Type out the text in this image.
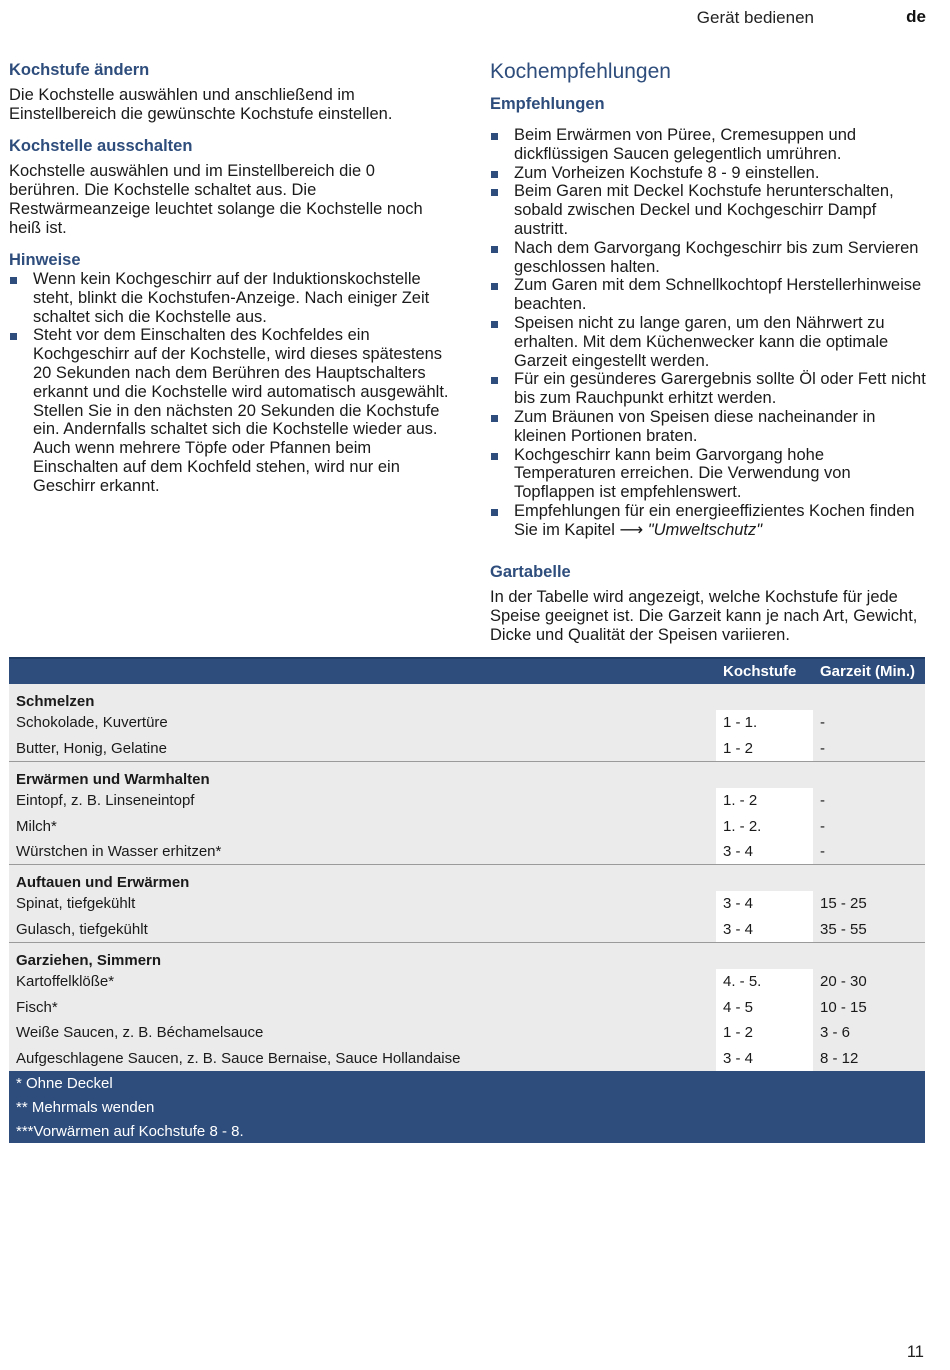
Gerät bedienen	de
Kochstufe ändern

Die Kochstelle auswählen und anschließend im Einstellbereich die gewünschte Kochstufe einstellen.

Kochstelle ausschalten

Kochstelle auswählen und im Einstellbereich die 0 berühren. Die Kochstelle schaltet aus. Die Restwärmeanzeige leuchtet solange die Kochstelle noch heiß ist.

Hinweise
Wenn kein Kochgeschirr auf der Induktionskochstelle steht, blinkt die Kochstufen-Anzeige. Nach einiger Zeit schaltet sich die Kochstelle aus.
Steht vor dem Einschalten des Kochfeldes ein Kochgeschirr auf der Kochstelle, wird dieses spätestens 20 Sekunden nach dem Berühren des Hauptschalters erkannt und die Kochstelle wird automatisch ausgewählt. Stellen Sie in den nächsten 20 Sekunden die Kochstufe ein. Andernfalls schaltet sich die Kochstelle wieder aus.
Auch wenn mehrere Töpfe oder Pfannen beim Einschalten auf dem Kochfeld stehen, wird nur ein Geschirr erkannt.
Kochempfehlungen
Empfehlungen
Beim Erwärmen von Püree, Cremesuppen und dickflüssigen Saucen gelegentlich umrühren.
Zum Vorheizen Kochstufe 8 - 9 einstellen.
Beim Garen mit Deckel Kochstufe herunterschalten, sobald zwischen Deckel und Kochgeschirr Dampf austritt.
Nach dem Garvorgang Kochgeschirr bis zum Servieren geschlossen halten.
Zum Garen mit dem Schnellkochtopf Herstellerhinweise beachten.
Speisen nicht zu lange garen, um den Nährwert zu erhalten. Mit dem Küchenwecker kann die optimale Garzeit eingestellt werden.
Für ein gesünderes Garergebnis sollte Öl oder Fett nicht bis zum Rauchpunkt erhitzt werden.
Zum Bräunen von Speisen diese nacheinander in kleinen Portionen braten.
Kochgeschirr kann beim Garvorgang hohe Temperaturen erreichen. Die Verwendung von Topflappen ist empfehlenswert.
Empfehlungen für ein energieeffizientes Kochen finden Sie im Kapitel ⟶ "Umweltschutz"
Gartabelle

In der Tabelle wird angezeigt, welche Kochstufe für jede Speise geeignet ist. Die Garzeit kann je nach Art, Gewicht, Dicke und Qualität der Speisen variieren.

	Kochstufe	Garzeit (Min.)
Schmelzen		
Schokolade, Kuvertüre	1 - 1.	-
Butter, Honig, Gelatine	1 - 2	-
Erwärmen und Warmhalten		
Eintopf, z. B. Linseneintopf	1. - 2	-
Milch*	1. - 2.	-
Würstchen in Wasser erhitzen*	3 - 4	-
Auftauen und Erwärmen		
Spinat, tiefgekühlt	3 - 4	15 - 25
Gulasch, tiefgekühlt	3 - 4	35 - 55
Garziehen, Simmern		
Kartoffelklöße*	4. - 5.	20 - 30
Fisch*	4 - 5	10 - 15
Weiße Saucen, z. B. Béchamelsauce	1 - 2	3 - 6
Aufgeschlagene Saucen, z. B. Sauce Bernaise, Sauce Hollandaise	3 - 4	8 - 12
* Ohne Deckel		
** Mehrmals wenden		
***Vorwärmen auf Kochstufe 8 - 8.		
11
